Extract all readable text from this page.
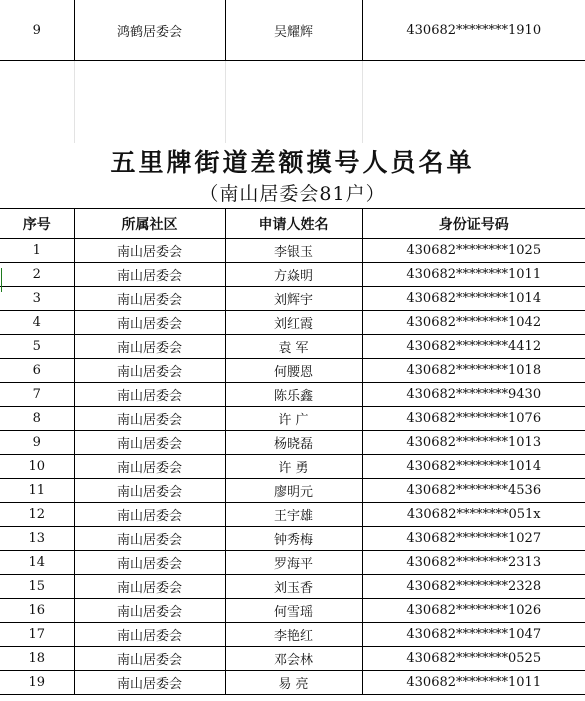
9	鸿鹤居委会	吴耀辉	430682********1910

五里牌街道差额摸号人员名单			
（南山居委会81户）			
序号	所属社区	申请人姓名	身份证号码
1	南山居委会	李银玉	430682********1025
2	南山居委会	方焱明	430682********1011
3	南山居委会	刘辉宇	430682********1014
4	南山居委会	刘红霞	430682********1042
5	南山居委会	袁 军	430682********4412
6	南山居委会	何腰恩	430682********1018
7	南山居委会	陈乐鑫	430682********9430
8	南山居委会	许 广	430682********1076
9	南山居委会	杨晓磊	430682********1013
10	南山居委会	许 勇	430682********1014
11	南山居委会	廖明元	430682********4536
12	南山居委会	王宇雄	430682********051x
13	南山居委会	钟秀梅	430682********1027
14	南山居委会	罗海平	430682********2313
15	南山居委会	刘玉香	430682********2328
16	南山居委会	何雪瑶	430682********1026
17	南山居委会	李艳红	430682********1047
18	南山居委会	邓会林	430682********0525
19	南山居委会	易 亮	430682********1011
